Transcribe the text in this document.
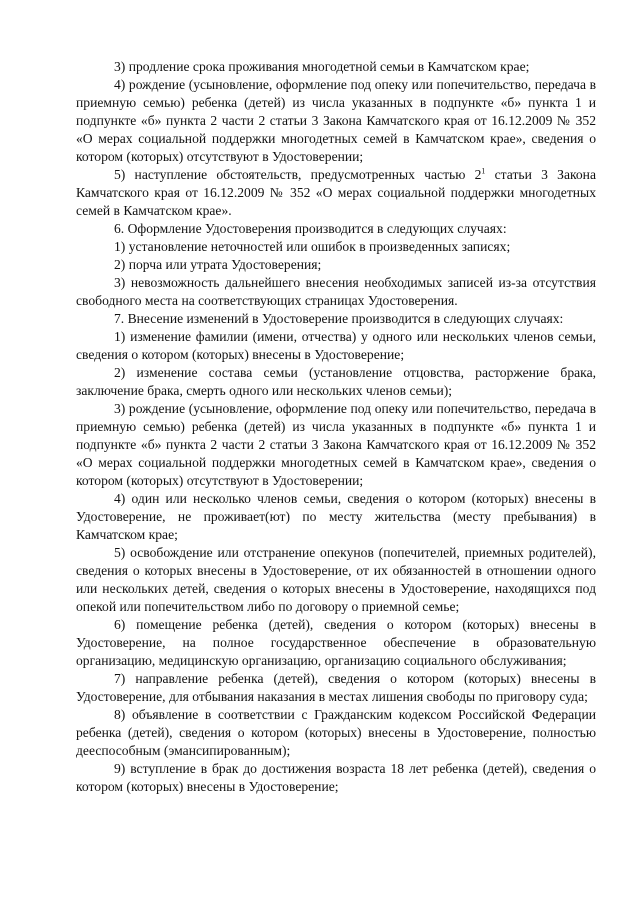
3) продление срока проживания многодетной семьи в Камчатском крае;

4) рождение (усыновление, оформление под опеку или попечительство, передача в приемную семью) ребенка (детей) из числа указанных в подпункте «б» пункта 1 и подпункте «б» пункта 2 части 2 статьи 3 Закона Камчатского края от 16.12.2009 № 352 «О мерах социальной поддержки многодетных семей в Камчатском крае», сведения о котором (которых) отсутствуют в Удостоверении;

5) наступление обстоятельств, предусмотренных частью $2^1$ статьи 3 Закона Камчатского края от 16.12.2009 № 352 «О мерах социальной поддержки многодетных семей в Камчатском крае».

6. Оформление Удостоверения производится в следующих случаях:

1) установление неточностей или ошибок в произведенных записях;

2) порча или утрата Удостоверения;

3) невозможность дальнейшего внесения необходимых записей из-за отсутствия свободного места на соответствующих страницах Удостоверения.

7. Внесение изменений в Удостоверение производится в следующих случаях:

1) изменение фамилии (имени, отчества) у одного или нескольких членов семьи, сведения о котором (которых) внесены в Удостоверение;

2) изменение состава семьи (установление отцовства, расторжение брака, заключение брака, смерть одного или нескольких членов семьи);

3) рождение (усыновление, оформление под опеку или попечительство, передача в приемную семью) ребенка (детей) из числа указанных в подпункте «б» пункта 1 и подпункте «б» пункта 2 части 2 статьи 3 Закона Камчатского края от 16.12.2009 № 352 «О мерах социальной поддержки многодетных семей в Камчатском крае», сведения о котором (которых) отсутствуют в Удостоверении;

4) один или несколько членов семьи, сведения о котором (которых) внесены в Удостоверение, не проживает(ют) по месту жительства (месту пребывания) в Камчатском крае;

5) освобождение или отстранение опекунов (попечителей, приемных родителей), сведения о которых внесены в Удостоверение, от их обязанностей в отношении одного или нескольких детей, сведения о которых внесены в Удостоверение, находящихся под опекой или попечительством либо по договору о приемной семье;

6) помещение ребенка (детей), сведения о котором (которых) внесены в Удостоверение, на полное государственное обеспечение в образовательную организацию, медицинскую организацию, организацию социального обслуживания;

7) направление ребенка (детей), сведения о котором (которых) внесены в Удостоверение, для отбывания наказания в местах лишения свободы по приговору суда;

8) объявление в соответствии с Гражданским кодексом Российской Федерации ребенка (детей), сведения о котором (которых) внесены в Удостоверение, полностью дееспособным (эмансипированным);

9) вступление в брак до достижения возраста 18 лет ребенка (детей), сведения о котором (которых) внесены в Удостоверение;
